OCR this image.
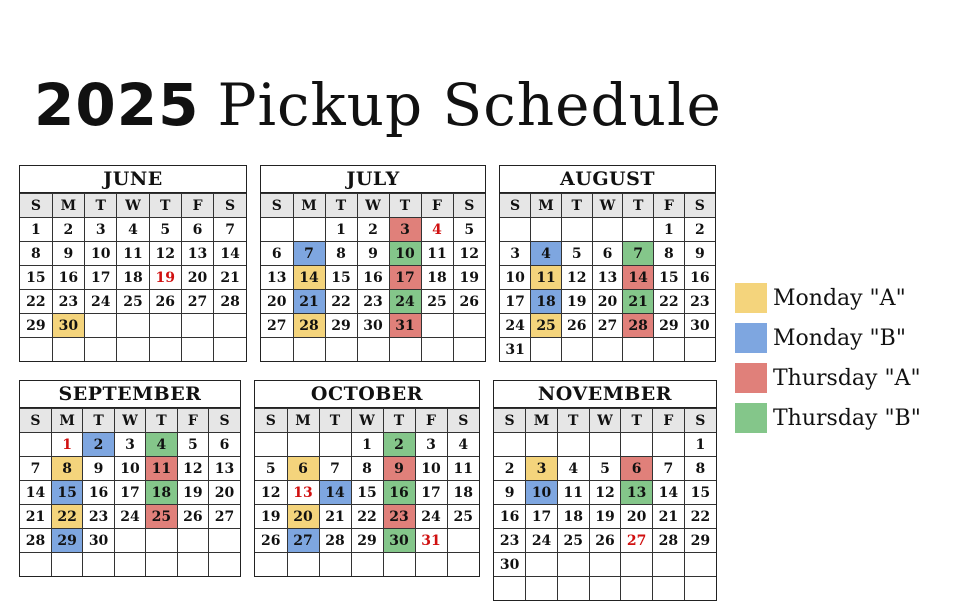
2025 Pickup Schedule
JUNE
S	M	T	W	T	F	S
1	2	3	4	5	6	7
8	9	10	11	12	13	14
15	16	17	18	19	20	21
22	23	24	25	26	27	28
29	30					

JULY
S	M	T	W	T	F	S
		1	2	3	4	5
6	7	8	9	10	11	12
13	14	15	16	17	18	19
20	21	22	23	24	25	26
27	28	29	30	31		

AUGUST
S	M	T	W	T	F	S
					1	2
3	4	5	6	7	8	9
10	11	12	13	14	15	16
17	18	19	20	21	22	23
24	25	26	27	28	29	30
31						
SEPTEMBER
S	M	T	W	T	F	S
	1	2	3	4	5	6
7	8	9	10	11	12	13
14	15	16	17	18	19	20
21	22	23	24	25	26	27
28	29	30				

OCTOBER
S	M	T	W	T	F	S
			1	2	3	4
5	6	7	8	9	10	11
12	13	14	15	16	17	18
19	20	21	22	23	24	25
26	27	28	29	30	31	

NOVEMBER
S	M	T	W	T	F	S
						1
2	3	4	5	6	7	8
9	10	11	12	13	14	15
16	17	18	19	20	21	22
23	24	25	26	27	28	29
30						

Monday "A"
Monday "B"
Thursday "A"
Thursday "B"
